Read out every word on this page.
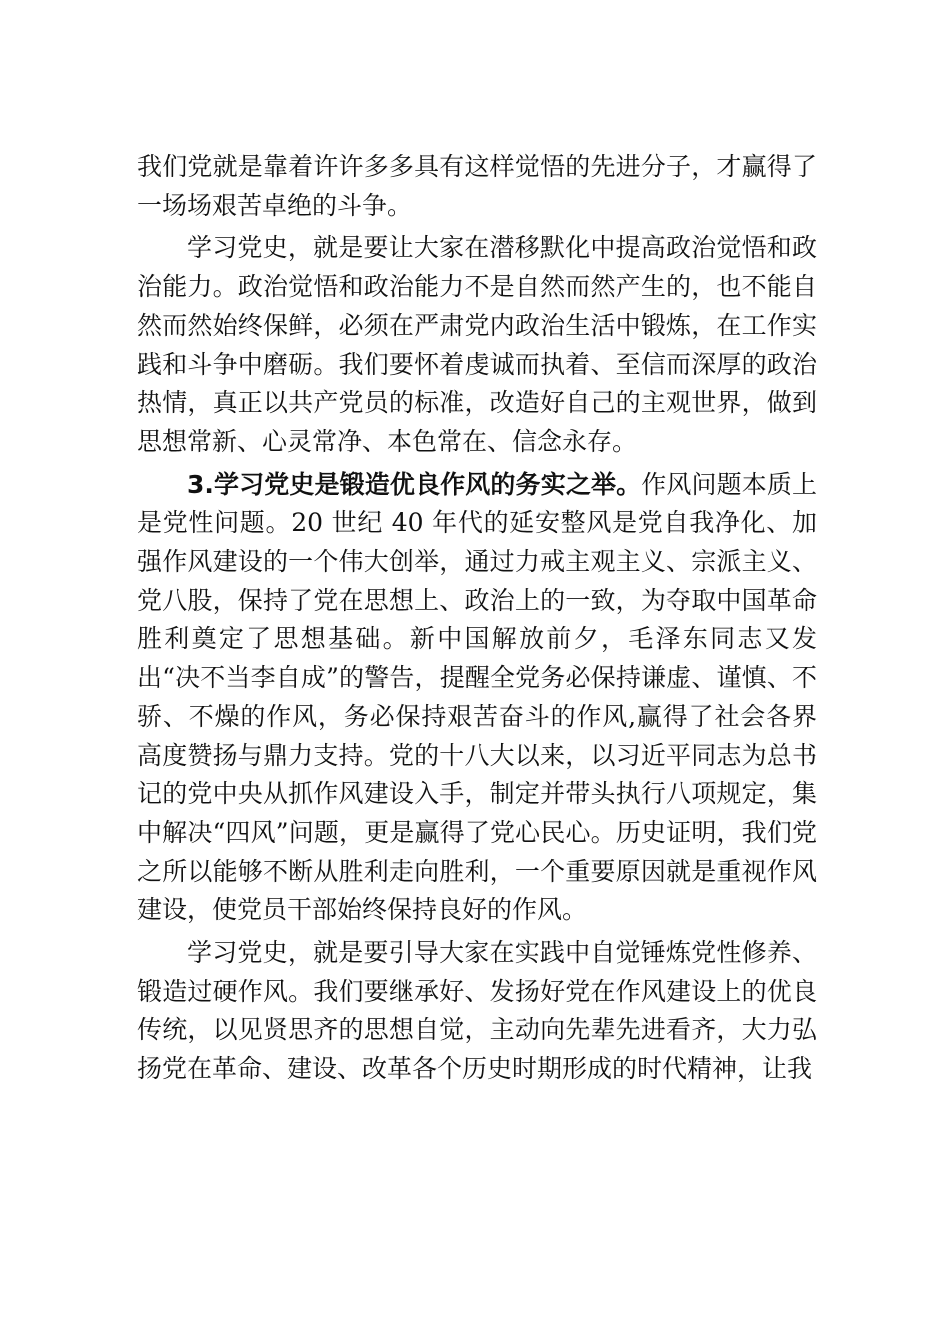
我们党就是靠着许许多多具有这样觉悟的先进分子，才赢得了一场场艰苦卓绝的斗争。

学习党史，就是要让大家在潜移默化中提高政治觉悟和政治能力。政治觉悟和政治能力不是自然而然产生的，也不能自然而然始终保鲜，必须在严肃党内政治生活中锻炼，在工作实践和斗争中磨砺。我们要怀着虔诚而执着、至信而深厚的政治热情，真正以共产党员的标准，改造好自己的主观世界，做到思想常新、心灵常净、本色常在、信念永存。

3.学习党史是锻造优良作风的务实之举。作风问题本质上是党性问题。20 世纪 40 年代的延安整风是党自我净化、加强作风建设的一个伟大创举，通过力戒主观主义、宗派主义、党八股，保持了党在思想上、政治上的一致，为夺取中国革命胜利奠定了思想基础。新中国解放前夕，毛泽东同志又发出“决不当李自成”的警告，提醒全党务必保持谦虚、谨慎、不骄、不燥的作风，务必保持艰苦奋斗的作风,赢得了社会各界高度赞扬与鼎力支持。党的十八大以来，以习近平同志为总书记的党中央从抓作风建设入手，制定并带头执行八项规定，集中解决“四风”问题，更是赢得了党心民心。历史证明，我们党之所以能够不断从胜利走向胜利，一个重要原因就是重视作风建设，使党员干部始终保持良好的作风。

学习党史，就是要引导大家在实践中自觉锤炼党性修养、锻造过硬作风。我们要继承好、发扬好党在作风建设上的优良传统，以见贤思齐的思想自觉，主动向先辈先进看齐，大力弘扬党在革命、建设、改革各个历史时期形成的时代精神，让我
